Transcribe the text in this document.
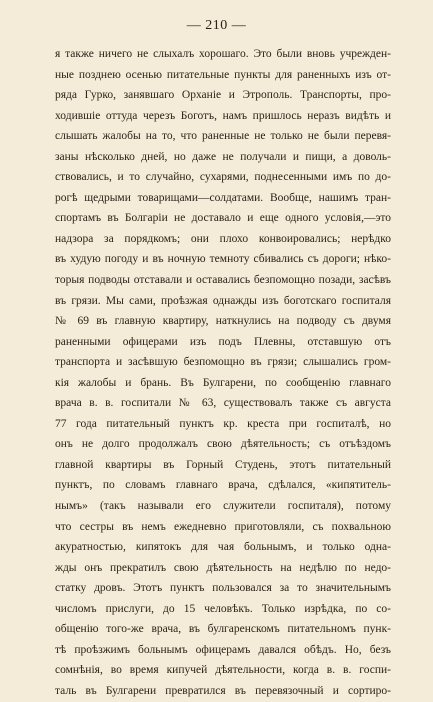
— 210 —
я также ничего не слыхалъ хорошаго. Это были вновь учрежден-
ные позднею осенью питательные пункты для раненныхъ изъ от-
ряда Гурко, занявшаго Орханіе и Этрополь. Транспорты, про-
ходившіе оттуда черезъ Боготъ, намъ пришлось неразъ видѣть и
слышать жалобы на то, что раненные не только не были перевя-
заны нѣсколько дней, но даже не получали и пищи, а доволь-
ствовались, и то случайно, сухарями, поднесенными имъ по до-
рогѣ щедрыми товарищами—солдатами. Вообще, нашимъ тран-
спортамъ въ Болгаріи не доставало и еще одного условія,—это
надзора за порядкомъ; они плохо конвоировались; нерѣдко
въ худую погоду и въ ночную темноту сбивались съ дороги; нѣко-
торыя подводы отставали и оставались безпомощно позади, засѣвъ
въ грязи. Мы сами, проѣзжая однажды изъ боготскаго госпиталя
№ 69 въ главную квартиру, наткнулись на подводу съ двумя
раненными офицерами изъ подъ Плевны, отставшую отъ
транспорта и засѣвшую безпомощно въ грязи; слышались гром-
кія жалобы и брань. Въ Булгарени, по сообщенію главнаго
врача в. в. госпитали № 63, существовалъ также съ августа
77 года питательный пунктъ кр. креста при госпиталѣ, но
онъ не долго продолжалъ свою дѣятельность; съ отъѣздомъ
главной квартиры въ Горный Студень, этотъ питательный
пунктъ, по словамъ главнаго врача, сдѣлался, «кипятитель-
нымъ» (такъ называли его служители госпиталя), потому
что сестры въ немъ ежедневно приготовляли, съ похвальною
акуратностью, кипятокъ для чая больнымъ, и только одна-
жды онъ прекратилъ свою дѣятельность на недѣлю по недо-
статку дровъ. Этотъ пунктъ пользовался за то значительнымъ
числомъ прислуги, до 15 человѣкъ. Только изрѣдка, по со-
общенію того-же врача, въ булгаренскомъ питательномъ пунк-
тѣ проѣзжимъ больнымъ офицерамъ давался обѣдъ. Но, безъ
сомнѣнія, во время кипучей дѣятельности, когда в. в. госпи-
таль въ Булгарени превратился въ перевязочный и сортиро-
